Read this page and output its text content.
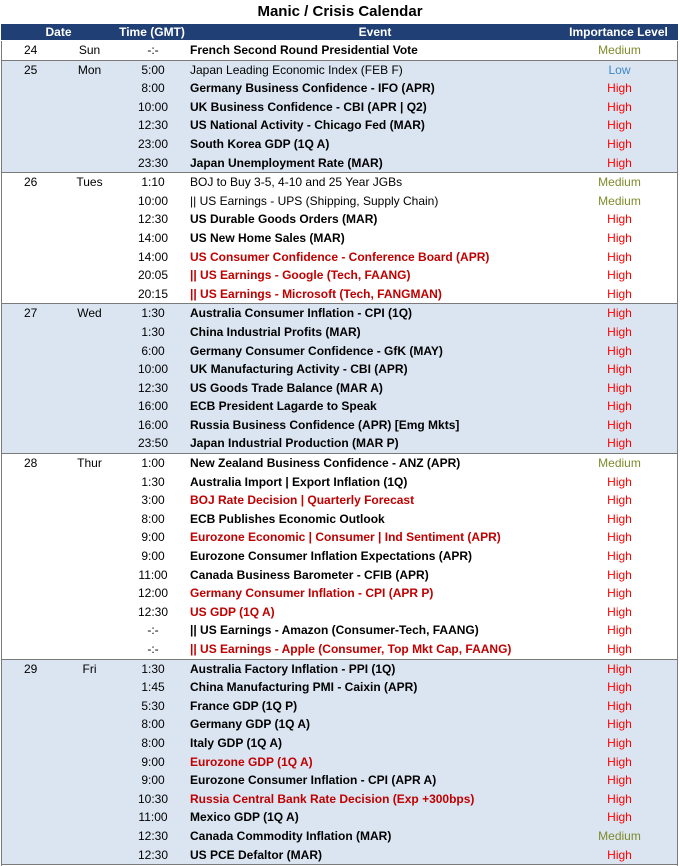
Manic / Crisis Calendar
Date	Time (GMT)	Event	Importance Level
24	Sun	-:-	French Second Round Presidential Vote	Medium
25	Mon	5:00	Japan Leading Economic Index (FEB F)	Low
8:00	Germany Business Confidence - IFO (APR)	High
10:00	UK Business Confidence - CBI (APR | Q2)	High
12:30	US National Activity - Chicago Fed (MAR)	High
23:00	South Korea GDP (1Q A)	High
23:30	Japan Unemployment Rate (MAR)	High
26	Tues	1:10	BOJ to Buy 3-5, 4-10 and 25 Year JGBs	Medium
10:00	|| US Earnings - UPS (Shipping, Supply Chain)	Medium
12:30	US Durable Goods Orders (MAR)	High
14:00	US New Home Sales (MAR)	High
14:00	US Consumer Confidence - Conference Board (APR)	High
20:05	|| US Earnings - Google (Tech, FAANG)	High
20:15	|| US Earnings - Microsoft (Tech, FANGMAN)	High
27	Wed	1:30	Australia Consumer Inflation - CPI (1Q)	High
1:30	China Industrial Profits (MAR)	High
6:00	Germany Consumer Confidence - GfK (MAY)	High
10:00	UK Manufacturing Activity - CBI (APR)	High
12:30	US Goods Trade Balance (MAR A)	High
16:00	ECB President Lagarde to Speak	High
16:00	Russia Business Confidence (APR) [Emg Mkts]	High
23:50	Japan Industrial Production (MAR P)	High
28	Thur	1:00	New Zealand Business Confidence - ANZ (APR)	Medium
1:30	Australia Import | Export Inflation (1Q)	High
3:00	BOJ Rate Decision | Quarterly Forecast	High
8:00	ECB Publishes Economic Outlook	High
9:00	Eurozone Economic | Consumer | Ind Sentiment (APR)	High
9:00	Eurozone Consumer Inflation Expectations (APR)	High
11:00	Canada Business Barometer - CFIB (APR)	High
12:00	Germany Consumer Inflation - CPI (APR P)	High
12:30	US GDP (1Q A)	High
-:-	|| US Earnings - Amazon (Consumer-Tech, FAANG)	High
-:-	|| US Earnings - Apple (Consumer, Top Mkt Cap, FAANG)	High
29	Fri	1:30	Australia Factory Inflation - PPI (1Q)	High
1:45	China Manufacturing PMI - Caixin (APR)	High
5:30	France GDP (1Q P)	High
8:00	Germany GDP (1Q A)	High
8:00	Italy GDP (1Q A)	High
9:00	Eurozone GDP (1Q A)	High
9:00	Eurozone Consumer Inflation - CPI (APR A)	High
10:30	Russia Central Bank Rate Decision (Exp +300bps)	High
11:00	Mexico GDP (1Q A)	High
12:30	Canada Commodity Inflation (MAR)	Medium
12:30	US PCE Defaltor (MAR)	High
